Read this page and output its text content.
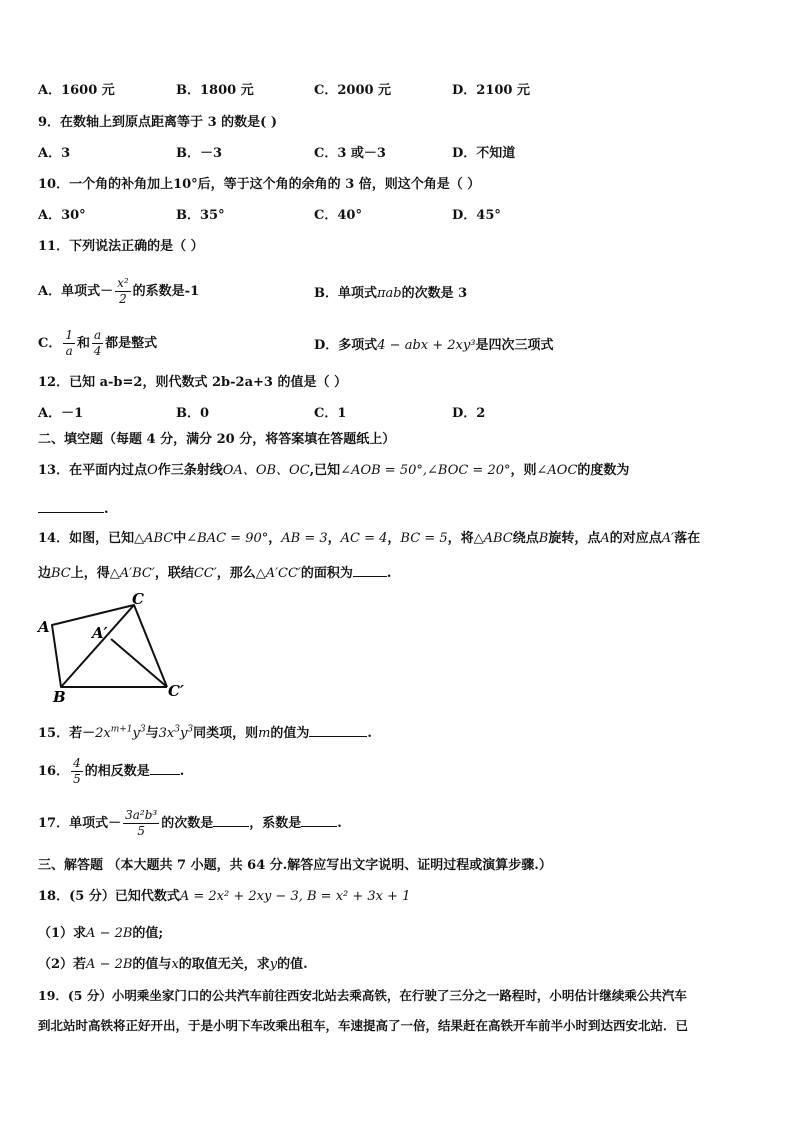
A．1600 元	B．1800 元	C．2000 元	D．2100 元
9．在数轴上到原点距离等于 3 的数是( )
A．3	B．－3	C．3 或－3	D．不知道
10．一个角的补角加上10°后，等于这个角的余角的 3 倍，则这个角是（ ）
A．30°	B．35°	C．40°	D．45°
11．下列说法正确的是（ ）
A．单项式－ $\frac{\text{x²}}{2}$ 的系数是-1	B．单项式πab的次数是 3
C． $\frac{1}{a}$ 和 $\frac{a}{4}$ 都是整式	D．多项式4 − abx + 2xy³是四次三项式
12．已知 a-b=2，则代数式 2b-2a+3 的值是（ ）
A．－1	B．0	C．1	D．2
二、填空题（每题 4 分，满分 20 分，将答案填在答题纸上）
13．在平面内过点O作三条射线OA、OB、OC,已知∠AOB = 50°,∠BOC = 20°，则∠AOC的度数为
.
14．如图，已知△ABC中∠BAC = 90°，AB = 3，AC = 4，BC = 5，将△ABC绕点B旋转，点A的对应点A′落在
边BC上，得△A′BC′，联结CC′，那么△A′CC′的面积为	.
A
C
A′
B	C′
15．若$-2x^{m+1}y^3$与$3x^3y^3$同类项，则m的值为	.
16． $\frac{4}{5}$ 的相反数是 .
17．单项式－ $\frac{\text{3a²b³}}{5}$ 的次数是	，系数是	.
三、解答题 （本大题共 7 小题，共 64 分.解答应写出文字说明、证明过程或演算步骤.）
18．(5 分）已知代数式A = 2x² + 2xy − 3, B = x² + 3x + 1
（1）求A − 2B的值;
（2）若A − 2B的值与x的取值无关，求y的值.
19．(5 分）小明乘坐家门口的公共汽车前往西安北站去乘高铁，在行驶了三分之一路程时，小明估计继续乘公共汽车
到北站时高铁将正好开出，于是小明下车改乘出租车，车速提高了一倍，结果赶在高铁开车前半小时到达西安北站．已
